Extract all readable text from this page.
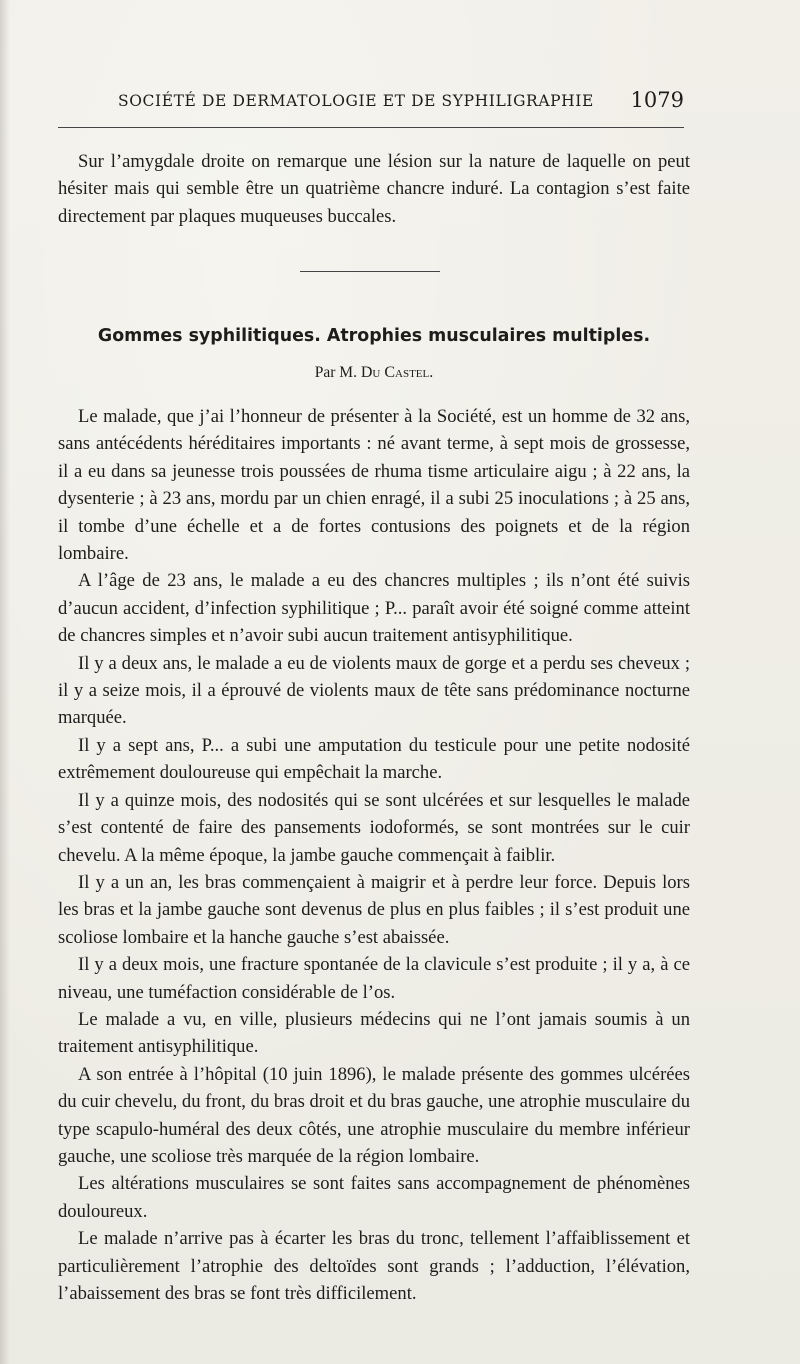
SOCIÉTÉ DE DERMATOLOGIE ET DE SYPHILIGRAPHIE 1079

Sur l’amygdale droite on remarque une lésion sur la nature de laquelle on peut hésiter mais qui semble être un quatrième chancre induré. La contagion s’est faite directement par plaques muqueuses buccales.

Gommes syphilitiques. Atrophies musculaires multiples.
Par M. Du Castel.

Le malade, que j’ai l’honneur de présenter à la Société, est un homme de 32 ans, sans antécédents héréditaires importants : né avant terme, à sept mois de grossesse, il a eu dans sa jeunesse trois poussées de rhuma tisme articulaire aigu ; à 22 ans, la dysenterie ; à 23 ans, mordu par un chien enragé, il a subi 25 inoculations ; à 25 ans, il tombe d’une échelle et a de fortes contusions des poignets et de la région lombaire.

A l’âge de 23 ans, le malade a eu des chancres multiples ; ils n’ont été suivis d’aucun accident, d’infection syphilitique ; P... paraît avoir été soigné comme atteint de chancres simples et n’avoir subi aucun traitement antisyphilitique.

Il y a deux ans, le malade a eu de violents maux de gorge et a perdu ses cheveux ; il y a seize mois, il a éprouvé de violents maux de tête sans prédominance nocturne marquée.

Il y a sept ans, P... a subi une amputation du testicule pour une petite nodosité extrêmement douloureuse qui empêchait la marche.

Il y a quinze mois, des nodosités qui se sont ulcérées et sur lesquelles le malade s’est contenté de faire des pansements iodoformés, se sont montrées sur le cuir chevelu. A la même époque, la jambe gauche commençait à faiblir.

Il y a un an, les bras commençaient à maigrir et à perdre leur force. Depuis lors les bras et la jambe gauche sont devenus de plus en plus faibles ; il s’est produit une scoliose lombaire et la hanche gauche s’est abaissée.

Il y a deux mois, une fracture spontanée de la clavicule s’est produite ; il y a, à ce niveau, une tuméfaction considérable de l’os.

Le malade a vu, en ville, plusieurs médecins qui ne l’ont jamais soumis à un traitement antisyphilitique.

A son entrée à l’hôpital (10 juin 1896), le malade présente des gommes ulcérées du cuir chevelu, du front, du bras droit et du bras gauche, une atrophie musculaire du type scapulo-huméral des deux côtés, une atrophie musculaire du membre inférieur gauche, une scoliose très marquée de la région lombaire.

Les altérations musculaires se sont faites sans accompagnement de phénomènes douloureux.

Le malade n’arrive pas à écarter les bras du tronc, tellement l’affaiblissement et particulièrement l’atrophie des deltoïdes sont grands ; l’adduction, l’élévation, l’abaissement des bras se font très difficilement.
